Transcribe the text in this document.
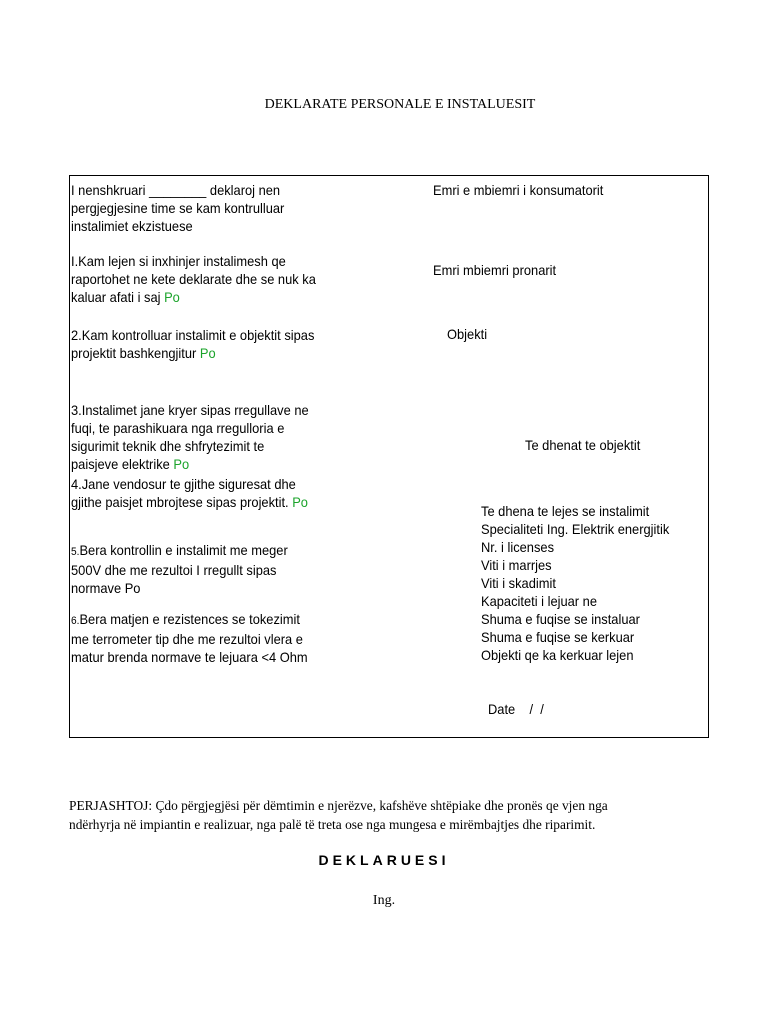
DEKLARATE PERSONALE E INSTALUESIT
I nenshkruari ________ deklaroj nen
pergjegjesine time se kam kontrulluar
instalimiet ekzistuese
I.Kam lejen si inxhinjer instalimesh qe
raportohet ne kete deklarate dhe se nuk ka
kaluar afati i saj Po
2.Kam kontrolluar instalimit e objektit sipas
projektit bashkengjitur Po
3.Instalimet jane kryer sipas rregullave ne
fuqi, te parashikuara nga rregulloria e
sigurimit teknik dhe shfrytezimit te
paisjeve elektrike Po
4.Jane vendosur te gjithe siguresat dhe
gjithe paisjet mbrojtese sipas projektit. Po
5.Bera kontrollin e instalimit me meger
500V dhe me rezultoi I rregullt sipas
normave Po
6.Bera matjen e rezistences se tokezimit
me terrometer tip dhe me rezultoi vlera e
matur brenda normave te lejuara <4 Ohm
Emri e mbiemri i konsumatorit
Emri mbiemri pronarit
Objekti
Te dhenat te objektit
Te dhena te lejes se instalimit
Specialiteti Ing. Elektrik energjitik
Nr. i licenses
Viti i marrjes
Viti i skadimit
Kapaciteti i lejuar ne
Shuma e fuqise se instaluar
Shuma e fuqise se kerkuar
Objekti qe ka kerkuar lejen
Date    /  /
PERJASHTOJ: Çdo përgjegjësi për dëmtimin e njerëzve, kafshëve shtëpiake dhe pronës qe vjen nga
ndërhyrja në impiantin e realizuar, nga palë të treta ose nga mungesa e mirëmbajtjes dhe riparimit.
DEKLARUESI
Ing.
